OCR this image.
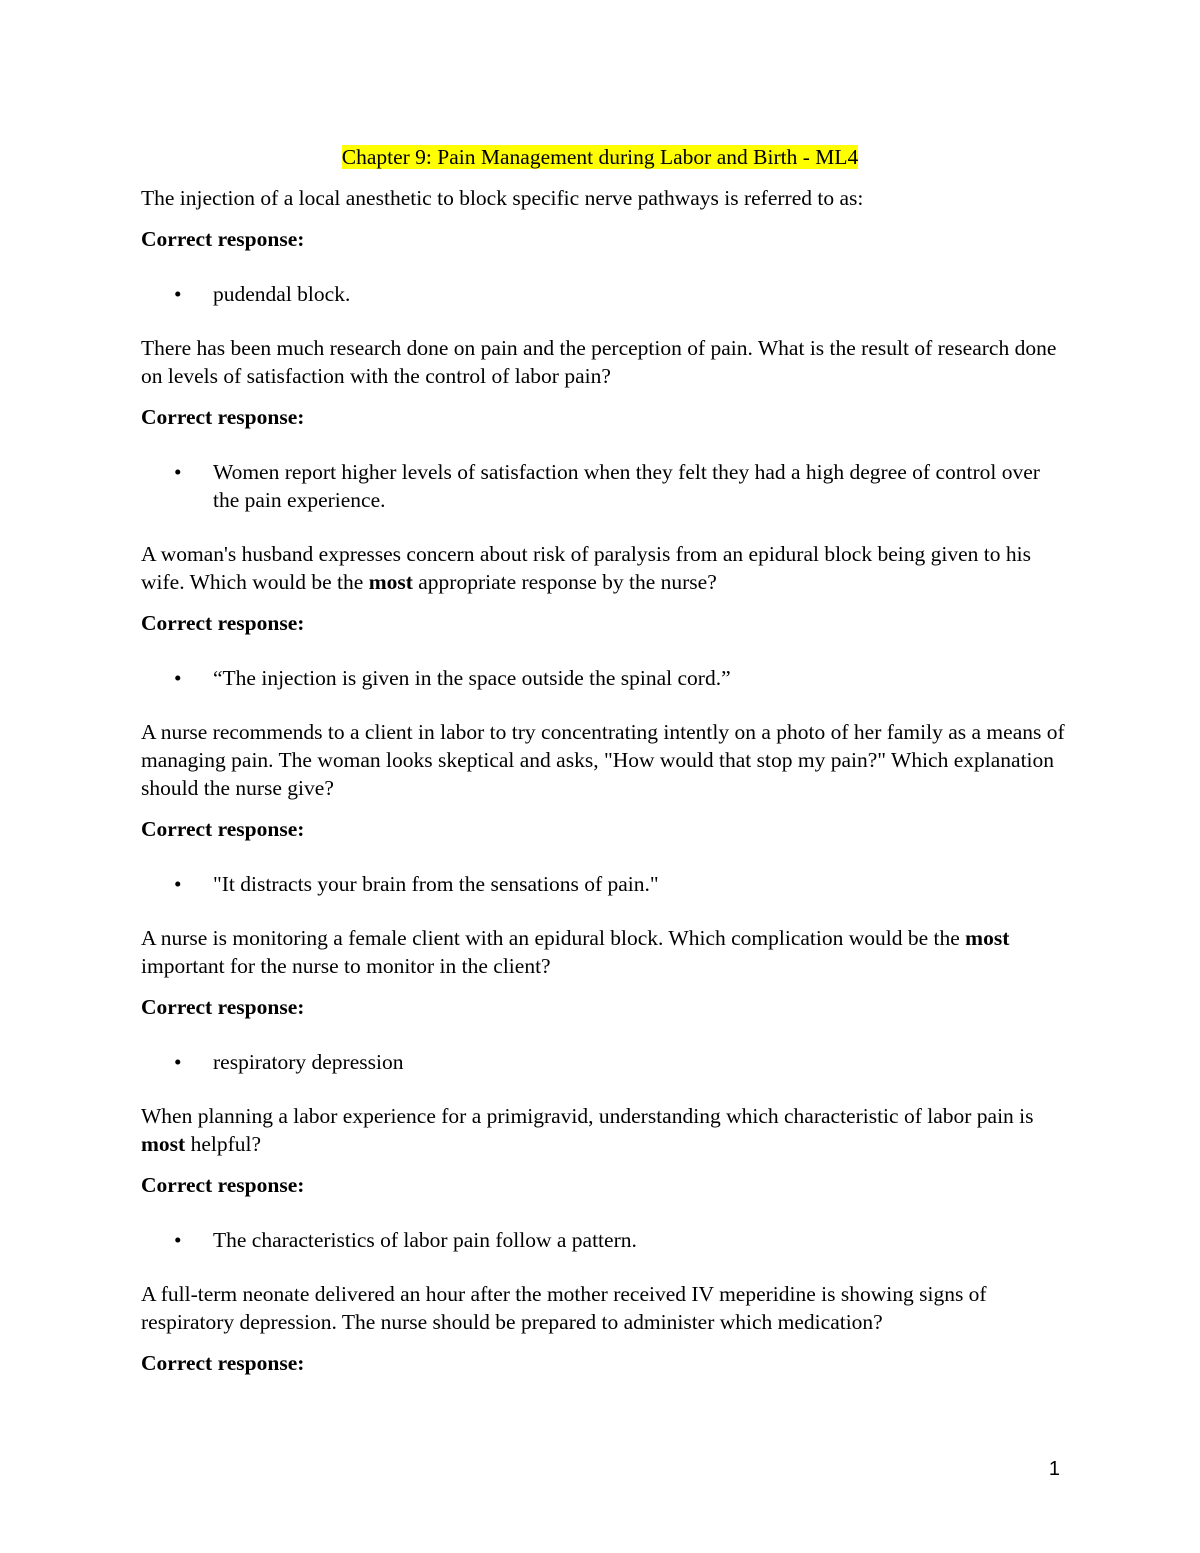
Chapter 9: Pain Management during Labor and Birth - ML4
The injection of a local anesthetic to block specific nerve pathways is referred to as:
Correct response:
• pudendal block.
There has been much research done on pain and the perception of pain. What is the result of research done on levels of satisfaction with the control of labor pain?
Correct response:
• Women report higher levels of satisfaction when they felt they had a high degree of control over the pain experience.
A woman's husband expresses concern about risk of paralysis from an epidural block being given to his wife. Which would be the most appropriate response by the nurse?
Correct response:
• “The injection is given in the space outside the spinal cord.”
A nurse recommends to a client in labor to try concentrating intently on a photo of her family as a means of managing pain. The woman looks skeptical and asks, "How would that stop my pain?" Which explanation should the nurse give?
Correct response:
• "It distracts your brain from the sensations of pain."
A nurse is monitoring a female client with an epidural block. Which complication would be the most important for the nurse to monitor in the client?
Correct response:
• respiratory depression
When planning a labor experience for a primigravid, understanding which characteristic of labor pain is most helpful?
Correct response:
• The characteristics of labor pain follow a pattern.
A full-term neonate delivered an hour after the mother received IV meperidine is showing signs of respiratory depression. The nurse should be prepared to administer which medication?
Correct response:
1
